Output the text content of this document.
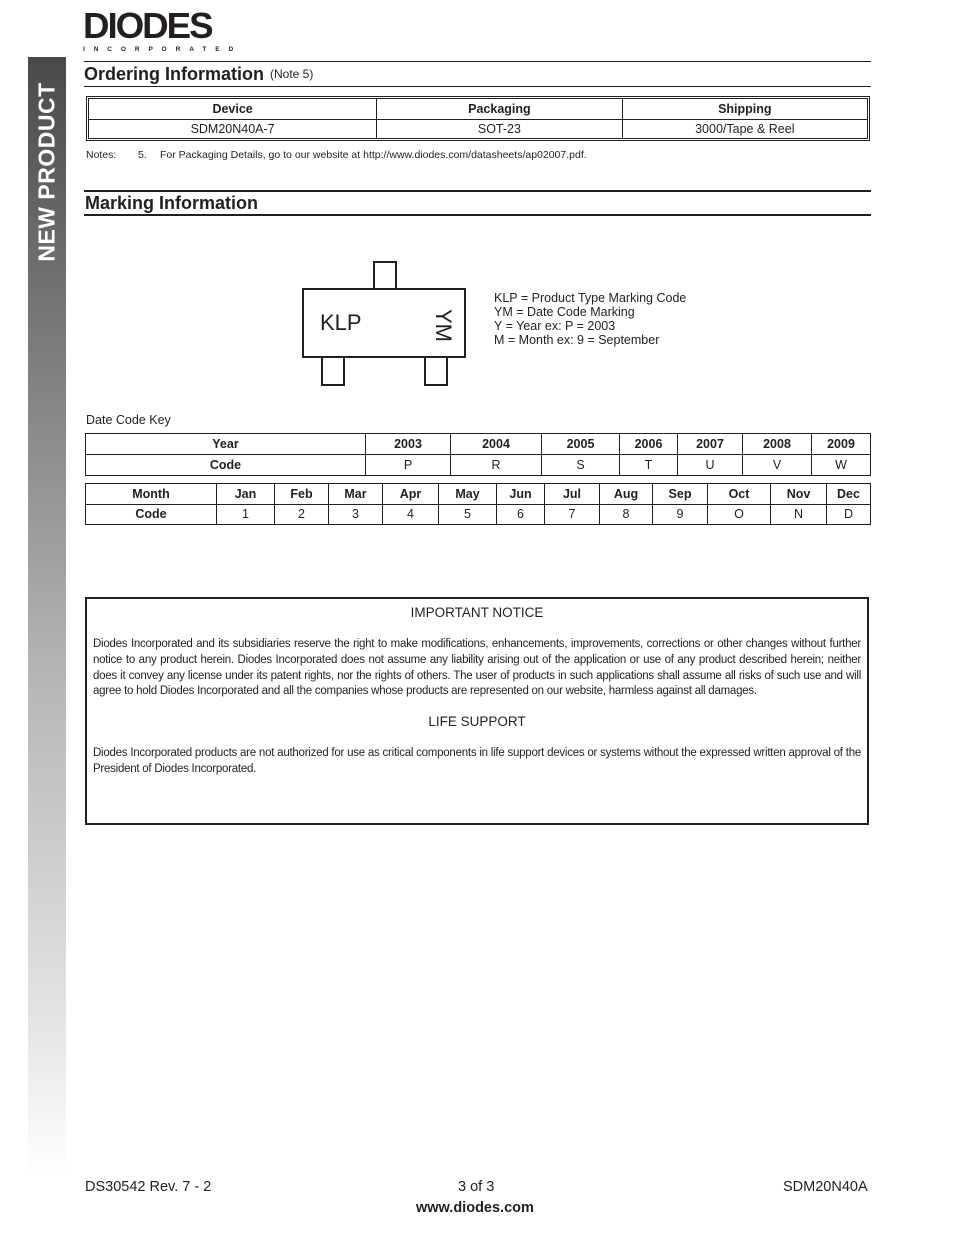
NEW PRODUCT
DIODES
INCORPORATED
Ordering Information (Note 5)
Device	Packaging	Shipping
SDM20N40A-7	SOT-23	3000/Tape & Reel
Notes: 5. For Packaging Details, go to our website at http://www.diodes.com/datasheets/ap02007.pdf.
Marking Information
KLP	YM
KLP = Product Type Marking Code
YM = Date Code Marking
Y = Year ex: P = 2003
M = Month ex: 9 = September
Date Code Key
Year	2003	2004	2005	2006	2007	2008	2009
Code	P	R	S	T	U	V	W
Month	Jan	Feb	Mar	Apr	May	Jun	Jul	Aug	Sep	Oct	Nov	Dec
Code	1	2	3	4	5	6	7	8	9	O	N	D
IMPORTANT NOTICE
Diodes Incorporated and its subsidiaries reserve the right to make modifications, enhancements, improvements, corrections or other changes without further notice to any product herein. Diodes Incorporated does not assume any liability arising out of the application or use of any product described herein; neither does it convey any license under its patent rights, nor the rights of others. The user of products in such applications shall assume all risks of such use and will agree to hold Diodes Incorporated and all the companies whose products are represented on our website, harmless against all damages.
LIFE SUPPORT
Diodes Incorporated products are not authorized for use as critical components in life support devices or systems without the expressed written approval of the President of Diodes Incorporated.
DS30542 Rev. 7 - 2	3 of 3
www.diodes.com
SDM20N40A
